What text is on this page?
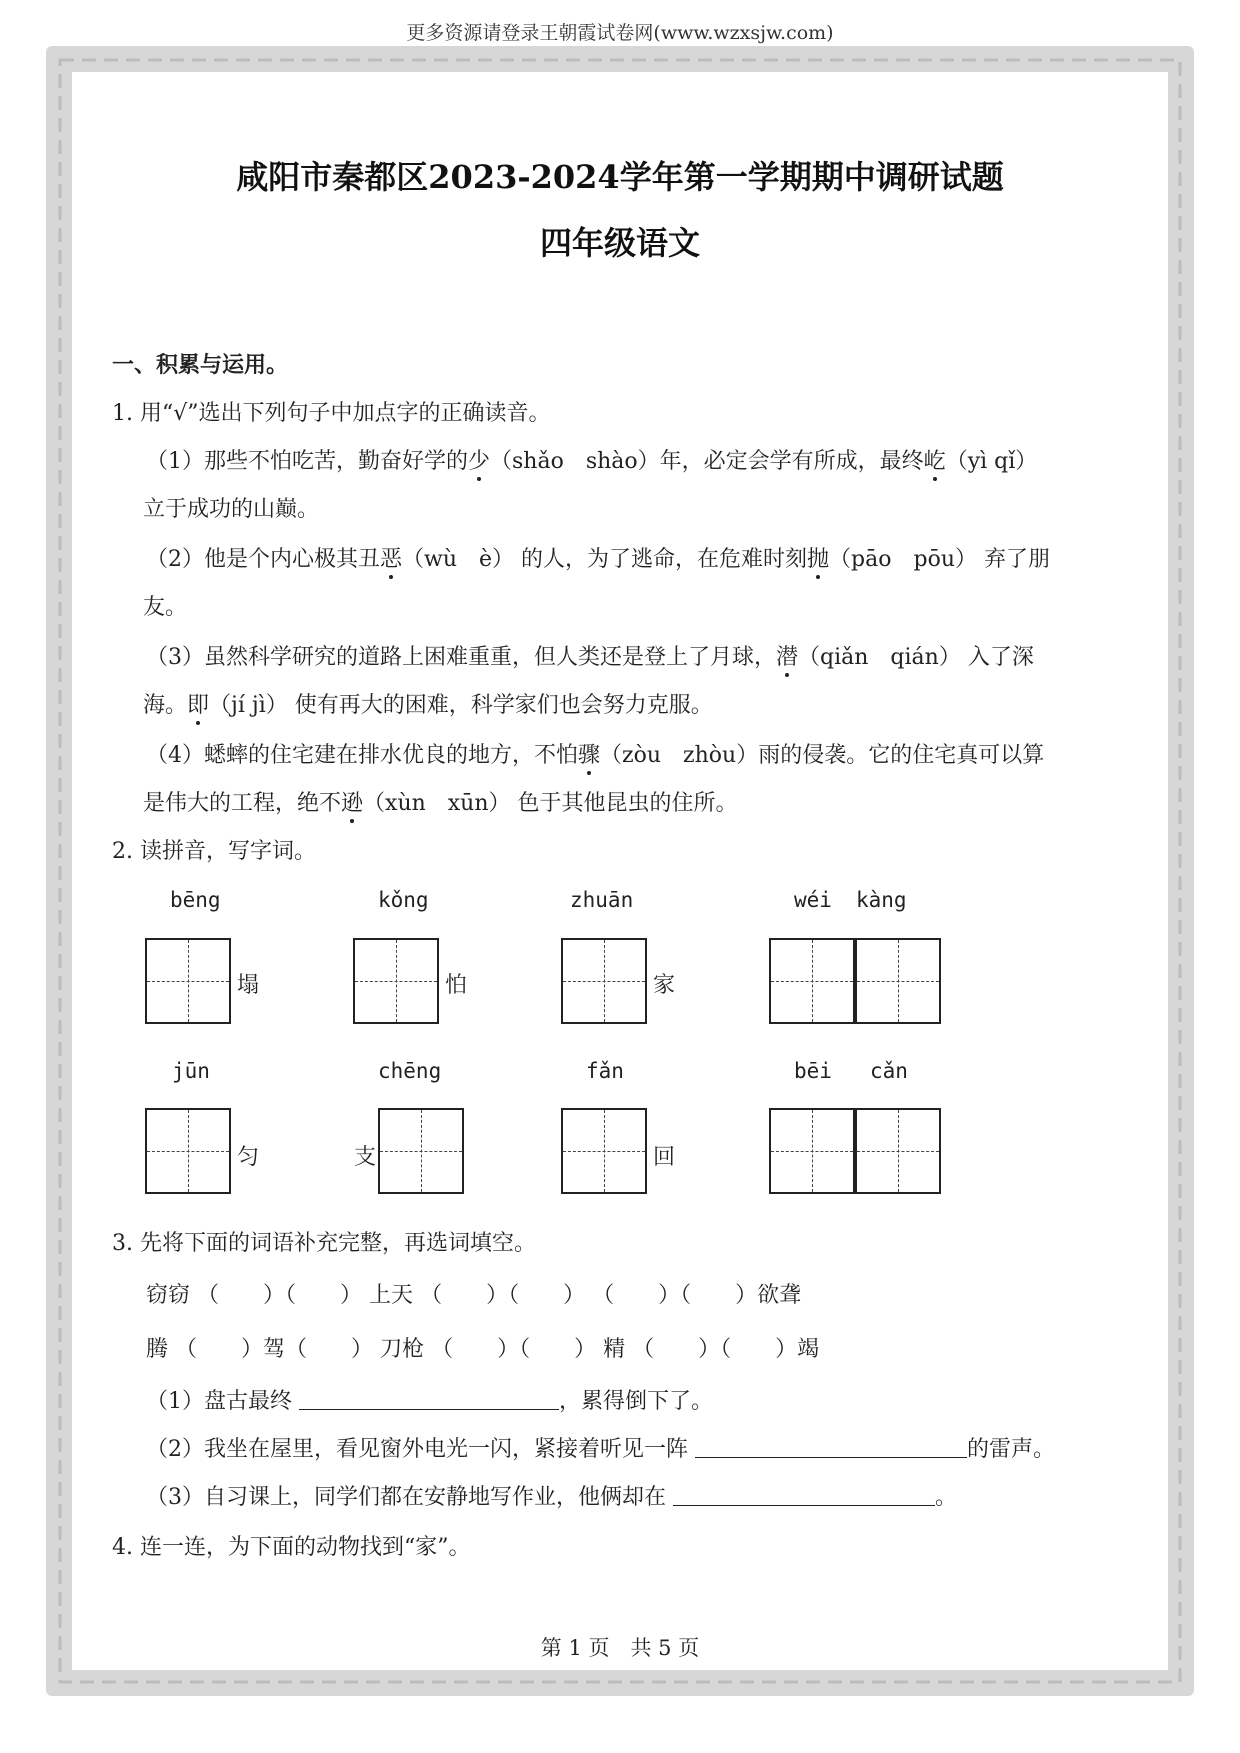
更多资源请登录王朝霞试卷网(www.wzxsjw.com)
咸阳市秦都区2023-2024学年第一学期期中调研试题
四年级语文
一、积累与运用。
1. 用“√”选出下列句子中加点字的正确读音。
（1）那些不怕吃苦，勤奋好学的少（shǎo　shào）年，必定会学有所成，最终屹（yì qǐ）
立于成功的山巅。
（2）他是个内心极其丑恶（wù　è） 的人，为了逃命，在危难时刻抛（pāo　pōu） 弃了朋
友。
（3）虽然科学研究的道路上困难重重，但人类还是登上了月球，潜（qiǎn　qián） 入了深
海。即（jí jì） 使有再大的困难，科学家们也会努力克服。
（4）蟋蟀的住宅建在排水优良的地方，不怕骤（zòu　zhòu）雨的侵袭。它的住宅真可以算
是伟大的工程，绝不逊（xùn　xūn） 色于其他昆虫的住所。
2. 读拼音，写字词。
bēng	kǒng	zhuān	wéi kàng
塌	怕	家
jūn	chēng	fǎn	bēi cǎn
匀	支	回
3. 先将下面的词语补充完整，再选词填空。
窃窃 （　　）（　　） 上天 （　　）（　　） （　　）（　　）欲聋
腾 （　　）驾（　　） 刀枪 （　　）（　　） 精 （　　）（　　）竭
（1）盘古最终	，累得倒下了。
（2）我坐在屋里，看见窗外电光一闪，紧接着听见一阵	的雷声。
（3）自习课上，同学们都在安静地写作业，他俩却在	。
4. 连一连，为下面的动物找到“家”。
第 1 页　共 5 页
